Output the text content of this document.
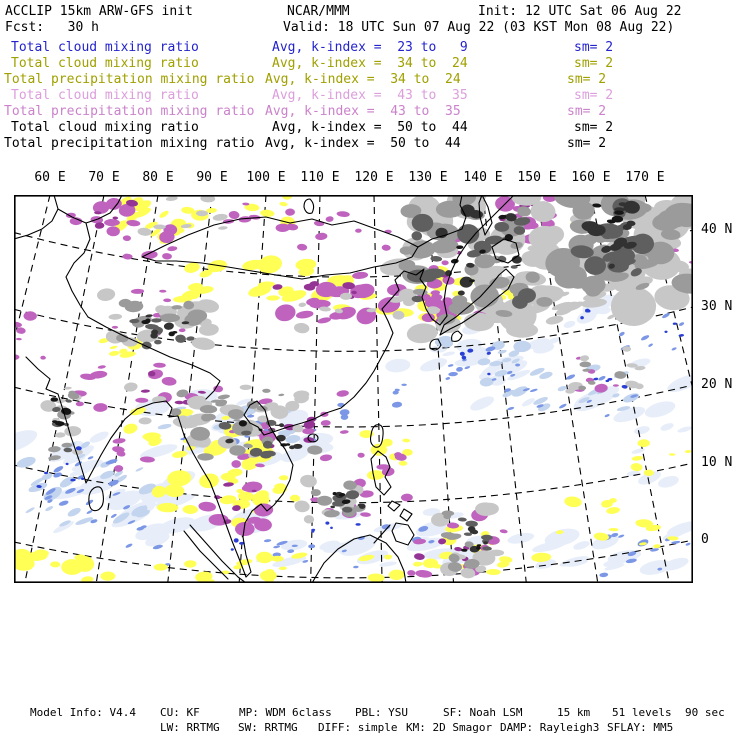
ACCLIP 15km ARW-GFS init	NCAR/MMM	Init: 12 UTC Sat 06 Aug 22
Fcst:   30 h	Valid: 18 UTC Sun 07 Aug 22 (03 KST Mon 08 Aug 22)
Total cloud mixing ratio	Avg, k-index =  23 to   9	sm= 2
Total cloud mixing ratio	Avg, k-index =  34 to  24	sm= 2
Total precipitation mixing ratio Avg, k-index =  34 to  24	sm= 2
Total cloud mixing ratio	Avg, k-index =  43 to  35	sm= 2
Total precipitation mixing ratio Avg, k-index =  43 to  35	sm= 2
Total cloud mixing ratio	Avg, k-index =  50 to  44	sm= 2
Total precipitation mixing ratio Avg, k-index =  50 to  44	sm= 2
60 E 70 E 80 E 90 E 100 E 110 E 120 E 130 E 140 E 150 E 160 E 170 E
40 N
30 N
20 N
10 N
0
Model Info: V4.4 CU: KF	MP: WDM 6class PBL: YSU	SF: Noah LSM	15 km 51 levels 90 sec
LW: RRTMG SW: RRTMG DIFF: simple KM: 2D Smagor DAMP: Rayleigh3 SFLAY: MM5
